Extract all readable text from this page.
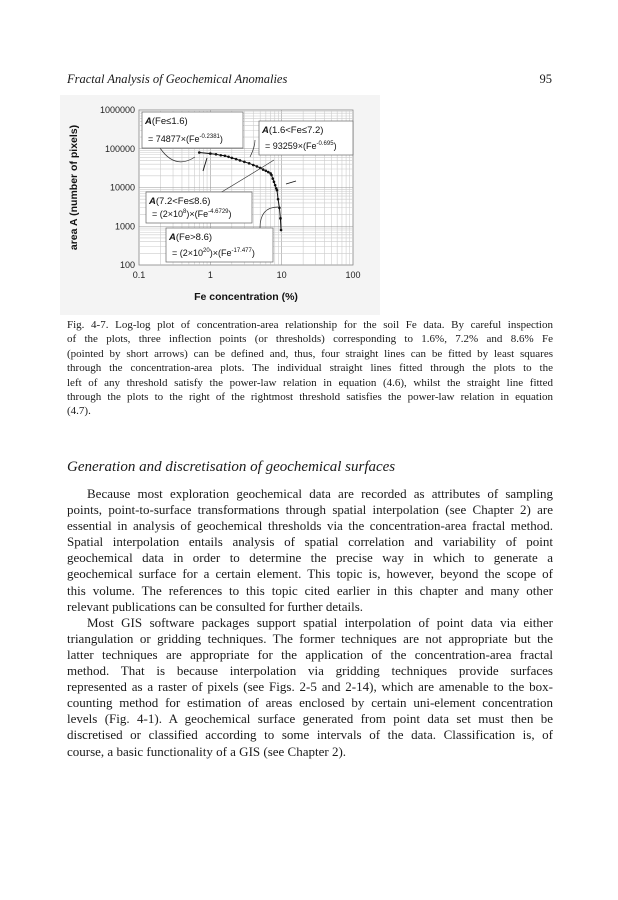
Fractal Analysis of Geochemical Anomalies	95
0.1	1	10	100
100
1000
10000
100000
1000000
Fe concentration (%)
area A (number of pixels)
A(Fe≤1.6)
= $74877\times(Fe^{-0.2381})$
A(1.6<Fe≤7.2)
= $93259\times(Fe^{-0.695})$
A(7.2<Fe≤8.6)
= $(2\times 10^8)\times(Fe^{-4.6729})$
A(Fe>8.6)
= $(2\times 10^{20})\times(Fe^{-17.477})$
Fig. 4-7. Log-log plot of concentration-area relationship for the soil Fe data. By careful inspection
of the plots, three inflection points (or thresholds) corresponding to 1.6%, 7.2% and 8.6% Fe
(pointed by short arrows) can be defined and, thus, four straight lines can be fitted by least squares
through the concentration-area plots. The individual straight lines fitted through the plots to the
left of any threshold satisfy the power-law relation in equation (4.6), whilst the straight line fitted
through the plots to the right of the rightmost threshold satisfies the power-law relation in equation
(4.7).
Generation and discretisation of geochemical surfaces
Because most exploration geochemical data are recorded as attributes of sampling
points, point-to-surface transformations through spatial interpolation (see Chapter 2) are
essential in analysis of geochemical thresholds via the concentration-area fractal method.
Spatial interpolation entails analysis of spatial correlation and variability of point
geochemical data in order to determine the precise way in which to generate a
geochemical surface for a certain element. This topic is, however, beyond the scope of
this volume. The references to this topic cited earlier in this chapter and many other
relevant publications can be consulted for further details.
Most GIS software packages support spatial interpolation of point data via either
triangulation or gridding techniques. The former techniques are not appropriate but the
latter techniques are appropriate for the application of the concentration-area fractal
method. That is because interpolation via gridding techniques provide surfaces
represented as a raster of pixels (see Figs. 2-5 and 2-14), which are amenable to the box-
counting method for estimation of areas enclosed by certain uni-element concentration
levels (Fig. 4-1). A geochemical surface generated from point data set must then be
discretised or classified according to some intervals of the data. Classification is, of
course, a basic functionality of a GIS (see Chapter 2).
